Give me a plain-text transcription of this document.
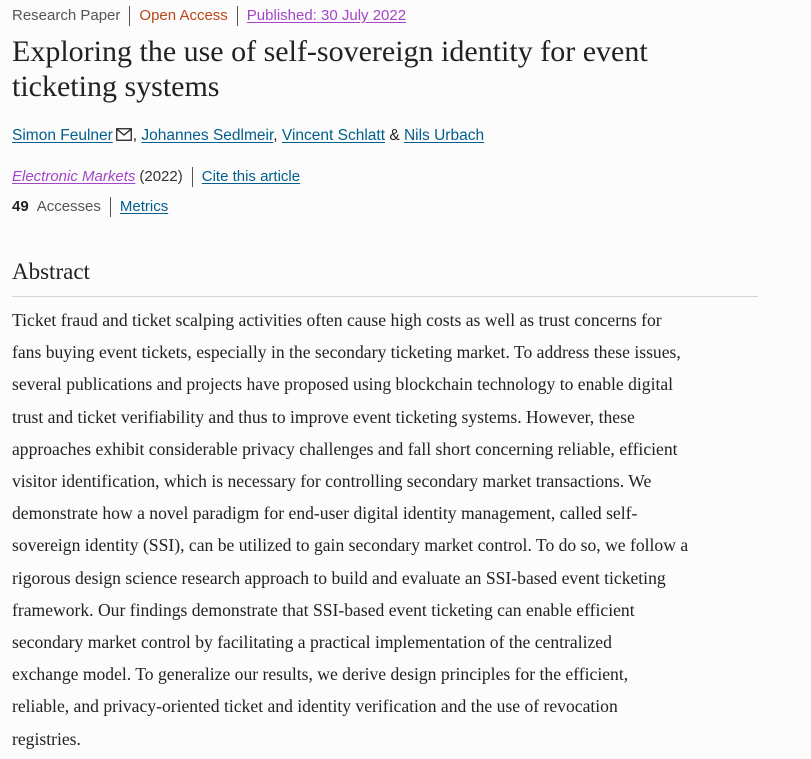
Research Paper Open Access Published: 30 July 2022
Exploring the use of self-sovereign identity for event
ticketing systems
Simon Feulner , Johannes Sedlmeir, Vincent Schlatt & Nils Urbach
Electronic Markets (2022) Cite this article
49 Accesses Metrics
Abstract

Ticket fraud and ticket scalping activities often cause high costs as well as trust concerns for
fans buying event tickets, especially in the secondary ticketing market. To address these issues,
several publications and projects have proposed using blockchain technology to enable digital
trust and ticket verifiability and thus to improve event ticketing systems. However, these
approaches exhibit considerable privacy challenges and fall short concerning reliable, efficient
visitor identification, which is necessary for controlling secondary market transactions. We
demonstrate how a novel paradigm for end-user digital identity management, called self-
sovereign identity (SSI), can be utilized to gain secondary market control. To do so, we follow a
rigorous design science research approach to build and evaluate an SSI-based event ticketing
framework. Our findings demonstrate that SSI-based event ticketing can enable efficient
secondary market control by facilitating a practical implementation of the centralized
exchange model. To generalize our results, we derive design principles for the efficient,
reliable, and privacy-oriented ticket and identity verification and the use of revocation
registries.
